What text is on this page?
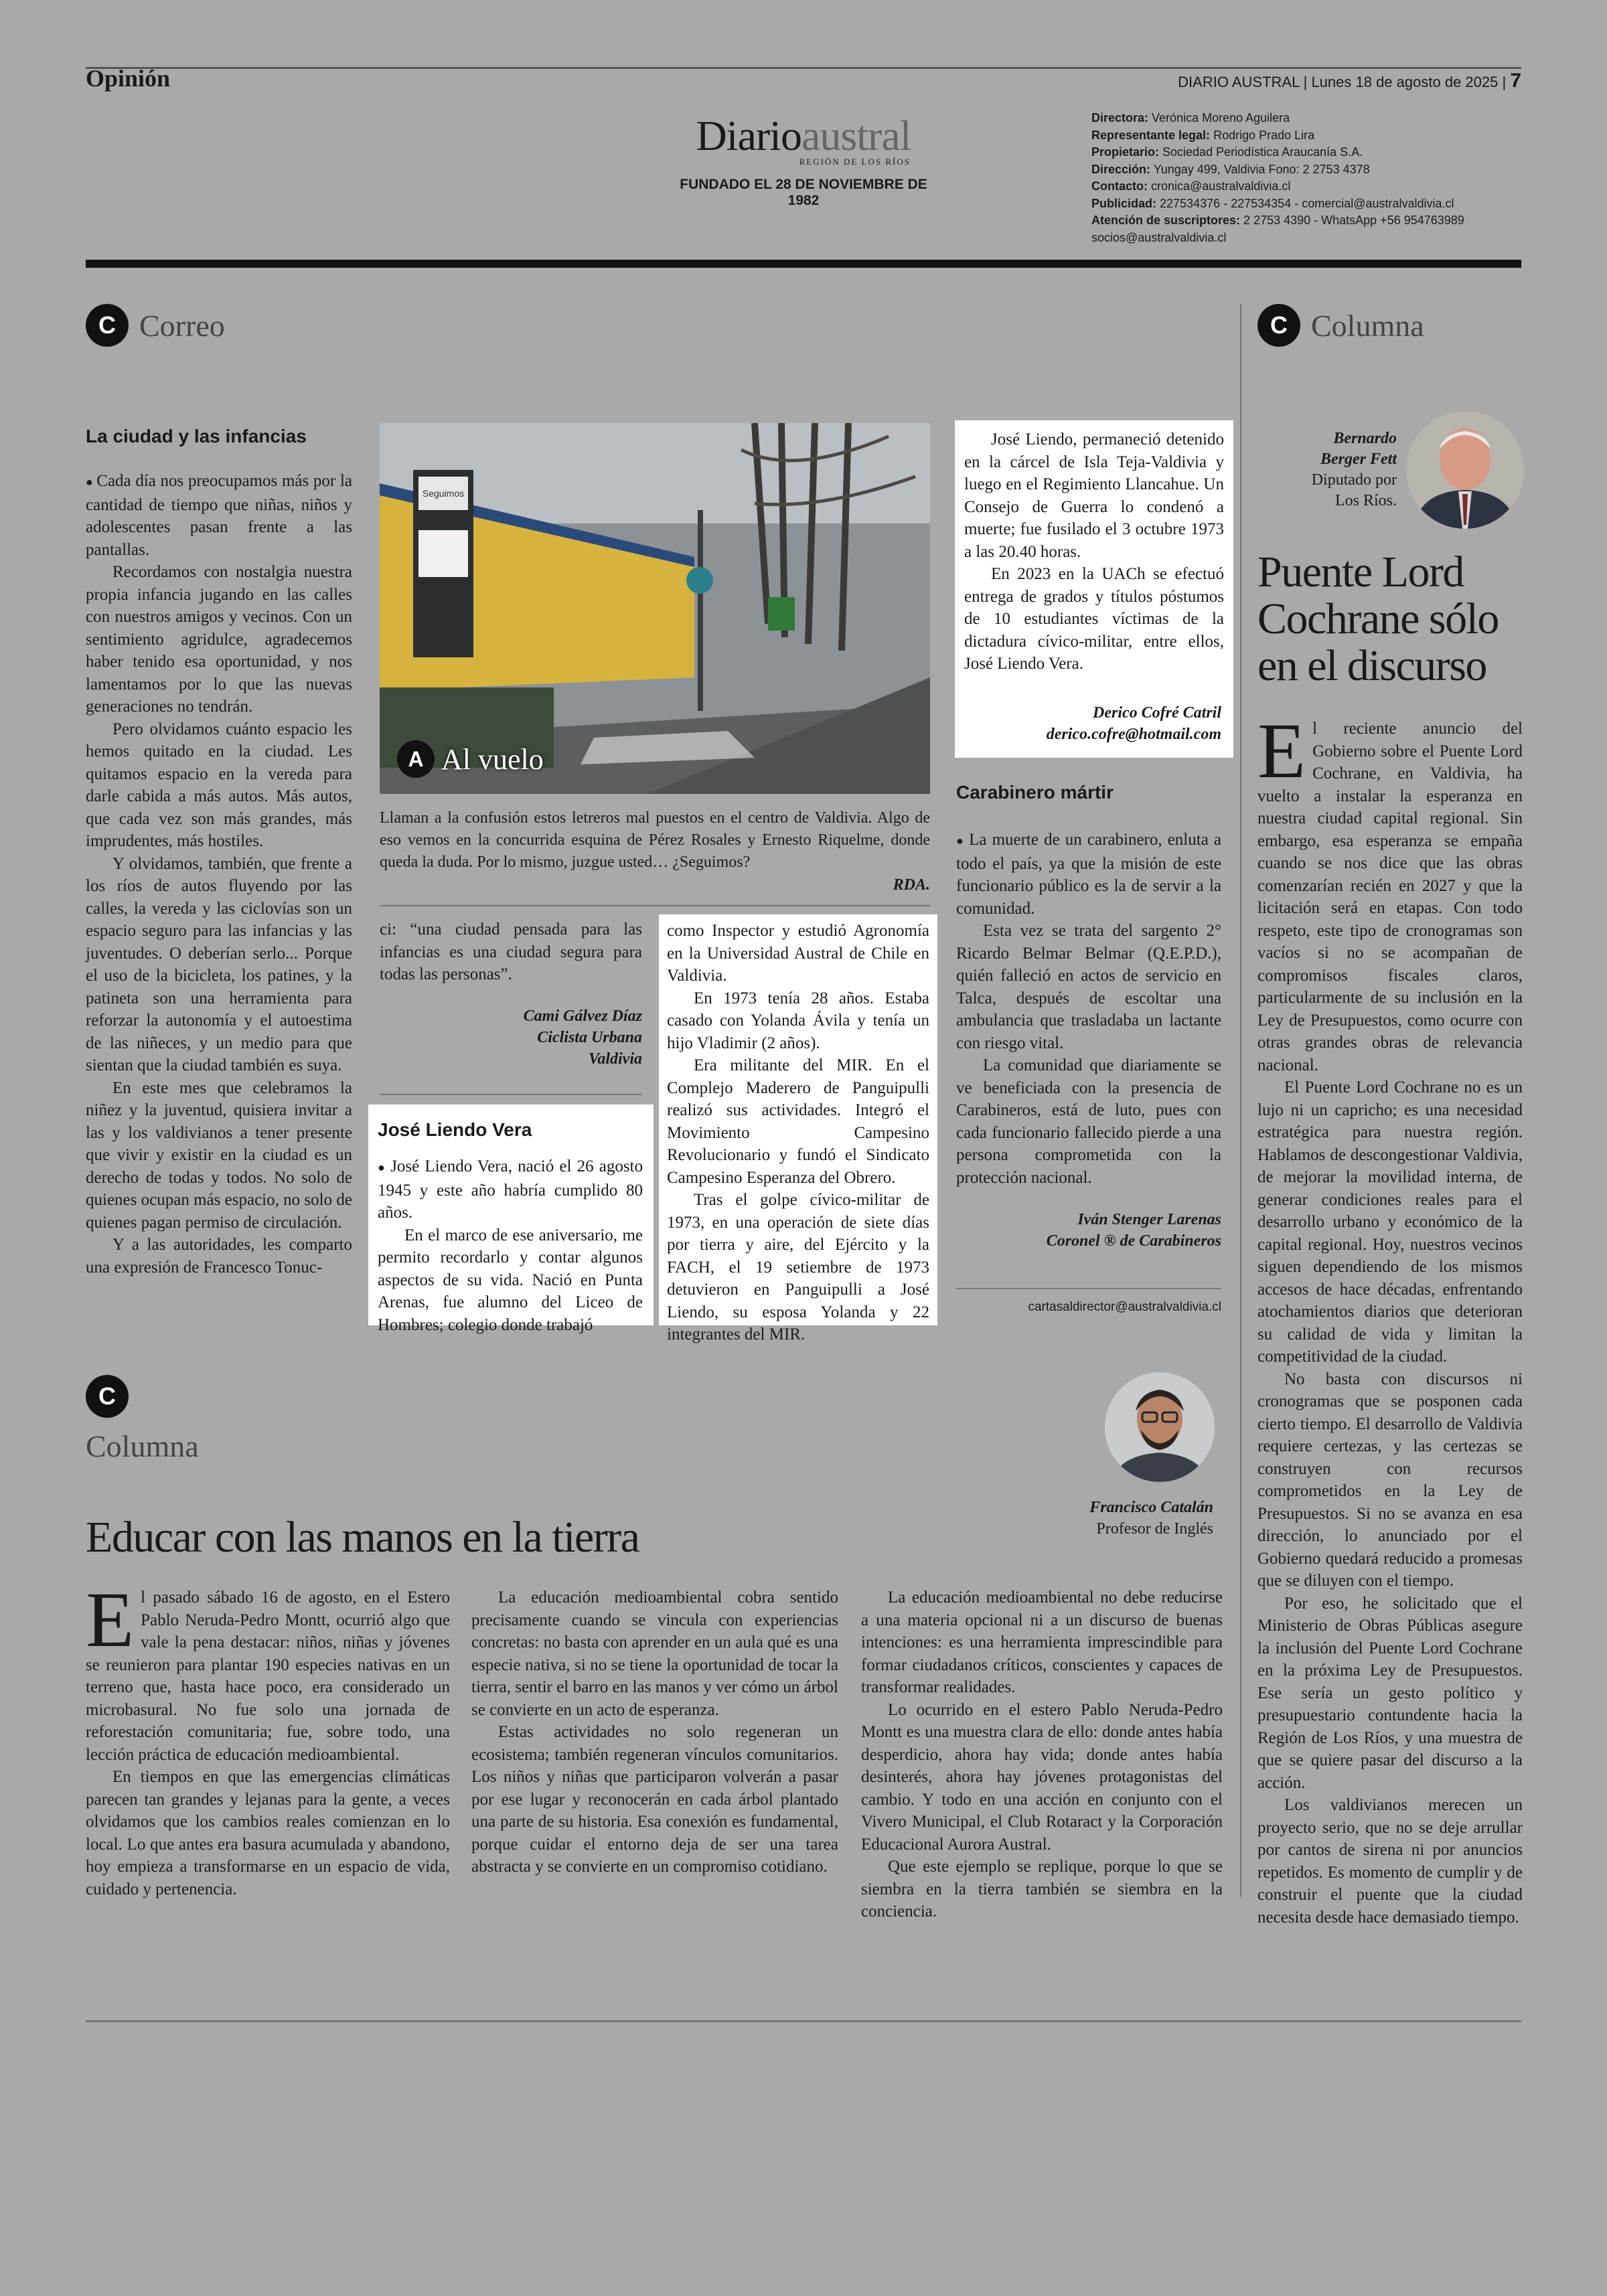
Opinión	DIARIO AUSTRAL | Lunes 18 de agosto de 2025 | 7
Diarioaustral
REGIÓN DE LOS RÍOS
FUNDADO EL 28 DE NOVIEMBRE DE 1982
Directora: Verónica Moreno Aguilera
Representante legal: Rodrigo Prado Lira
Propietario: Sociedad Periodística Araucanía S.A.
Dirección: Yungay 499, Valdivia Fono: 2 2753 4378
Contacto: cronica@australvaldivia.cl
Publicidad: 227534376 - 227534354 - comercial@australvaldivia.cl
Atención de suscriptores: 2 2753 4390 - WhatsApp +56 954763989
socios@australvaldivia.cl
C Correo
La ciudad y las infancias

● Cada día nos preocupamos más por la cantidad de tiempo que niñas, niños y adolescentes pasan frente a las pantallas.

Recordamos con nostalgia nuestra propia infancia jugando en las calles con nuestros amigos y vecinos. Con un sentimiento agridulce, agradecemos haber tenido esa oportunidad, y nos lamentamos por lo que las nuevas generaciones no tendrán.

Pero olvidamos cuánto espacio les hemos quitado en la ciudad. Les quitamos espacio en la vereda para darle cabida a más autos. Más autos, que cada vez son más grandes, más imprudentes, más hostiles.

Y olvidamos, también, que frente a los ríos de autos fluyendo por las calles, la vereda y las ciclovías son un espacio seguro para las infancias y las juventudes. O deberían serlo... Porque el uso de la bicicleta, los patines, y la patineta son una herramienta para reforzar la autonomía y el autoestima de las niñeces, y un medio para que sientan que la ciudad también es suya.

En este mes que celebramos la niñez y la juventud, quisiera invitar a las y los valdivianos a tener presente que vivir y existir en la ciudad es un derecho de todas y todos. No solo de quienes ocupan más espacio, no solo de quienes pagan permiso de circulación.

Y a las autoridades, les comparto una expresión de Francesco Tonuc-

Seguimos
A Al vuelo
Llaman a la confusión estos letreros mal puestos en el centro de Valdivia. Algo de eso vemos en la concurrida esquina de Pérez Rosales y Ernesto Riquelme, donde queda la duda. Por lo mismo, juzgue usted… ¿Seguimos?
RDA.

ci: “una ciudad pensada para las infancias es una ciudad segura para todas las personas”.

Cami Gálvez Díaz
Ciclista Urbana
Valdivia
José Liendo Vera

● José Liendo Vera, nació el 26 agosto 1945 y este año habría cumplido 80 años.

En el marco de ese aniversario, me permito recordarlo y contar algunos aspectos de su vida. Nació en Punta Arenas, fue alumno del Liceo de Hombres; colegio donde trabajó

como Inspector y estudió Agronomía en la Universidad Austral de Chile en Valdivia.

En 1973 tenía 28 años. Estaba casado con Yolanda Ávila y tenía un hijo Vladimir (2 años).

Era militante del MIR. En el Complejo Maderero de Panguipulli realizó sus actividades. Integró el Movimiento Campesino Revolucionario y fundó el Sindicato Campesino Esperanza del Obrero.

Tras el golpe cívico-militar de 1973, en una operación de siete días por tierra y aire, del Ejército y la FACH, el 19 setiembre de 1973 detuvieron en Panguipulli a José Liendo, su esposa Yolanda y 22 integrantes del MIR.

José Liendo, permaneció detenido en la cárcel de Isla Teja-Valdivia y luego en el Regimiento Llancahue. Un Consejo de Guerra lo condenó a muerte; fue fusilado el 3 octubre 1973 a las 20.40 horas.

En 2023 en la UACh se efectuó entrega de grados y títulos póstumos de 10 estudiantes víctimas de la dictadura cívico-militar, entre ellos, José Liendo Vera.

Derico Cofré Catril
derico.cofre@hotmail.com
Carabinero mártir

● La muerte de un carabinero, enluta a todo el país, ya que la misión de este funcionario público es la de servir a la comunidad.

Esta vez se trata del sargento 2° Ricardo Belmar Belmar (Q.E.P.D.), quién falleció en actos de servicio en Talca, después de escoltar una ambulancia que trasladaba un lactante con riesgo vital.

La comunidad que diariamente se ve beneficiada con la presencia de Carabineros, está de luto, pues con cada funcionario fallecido pierde a una persona comprometida con la protección nacional.

Iván Stenger Larenas
Coronel ® de Carabineros
cartasaldirector@australvaldivia.cl
C Columna
Bernardo
Berger Fett
Diputado por
Los Ríos.
Puente Lord
Cochrane sólo
en el discurso
E l reciente anuncio del Gobierno sobre el Puente Lord Cochrane, en Valdivia, ha vuelto a instalar la esperanza en nuestra ciudad capital regional. Sin embargo, esa esperanza se empaña cuando se nos dice que las obras comenzarían recién en 2027 y que la licitación será en etapas. Con todo respeto, este tipo de cronogramas son vacíos si no se acompañan de compromisos fiscales claros, particularmente de su inclusión en la Ley de Presupuestos, como ocurre con otras grandes obras de relevancia nacional.

El Puente Lord Cochrane no es un lujo ni un capricho; es una necesidad estratégica para nuestra región. Hablamos de descongestionar Valdivia, de mejorar la movilidad interna, de generar condiciones reales para el desarrollo urbano y económico de la capital regional. Hoy, nuestros vecinos siguen dependiendo de los mismos accesos de hace décadas, enfrentando atochamientos diarios que deterioran su calidad de vida y limitan la competitividad de la ciudad.

No basta con discursos ni cronogramas que se posponen cada cierto tiempo. El desarrollo de Valdivia requiere certezas, y las certezas se construyen con recursos comprometidos en la Ley de Presupuestos. Si no se avanza en esa dirección, lo anunciado por el Gobierno quedará reducido a promesas que se diluyen con el tiempo.

Por eso, he solicitado que el Ministerio de Obras Públicas asegure la inclusión del Puente Lord Cochrane en la próxima Ley de Presupuestos. Ese sería un gesto político y presupuestario contundente hacia la Región de Los Ríos, y una muestra de que se quiere pasar del discurso a la acción.

Los valdivianos merecen un proyecto serio, que no se deje arrullar por cantos de sirena ni por anuncios repetidos. Es momento de cumplir y de construir el puente que la ciudad necesita desde hace demasiado tiempo.

C
Columna
Francisco Catalán
Profesor de Inglés
Educar con las manos en la tierra
E l pasado sábado 16 de agosto, en el Estero Pablo Neruda-Pedro Montt, ocurrió algo que vale la pena destacar: niños, niñas y jóvenes se reunieron para plantar 190 especies nativas en un terreno que, hasta hace poco, era considerado un microbasural. No fue solo una jornada de reforestación comunitaria; fue, sobre todo, una lección práctica de educación medioambiental.

En tiempos en que las emergencias climáticas parecen tan grandes y lejanas para la gente, a veces olvidamos que los cambios reales comienzan en lo local. Lo que antes era basura acumulada y abandono, hoy empieza a transformarse en un espacio de vida, cuidado y pertenencia.

La educación medioambiental cobra sentido precisamente cuando se vincula con experiencias concretas: no basta con aprender en un aula qué es una especie nativa, si no se tiene la oportunidad de tocar la tierra, sentir el barro en las manos y ver cómo un árbol se convierte en un acto de esperanza.

Estas actividades no solo regeneran un ecosistema; también regeneran vínculos comunitarios. Los niños y niñas que participaron volverán a pasar por ese lugar y reconocerán en cada árbol plantado una parte de su historia. Esa conexión es fundamental, porque cuidar el entorno deja de ser una tarea abstracta y se convierte en un compromiso cotidiano.

La educación medioambiental no debe reducirse a una materia opcional ni a un discurso de buenas intenciones: es una herramienta imprescindible para formar ciudadanos críticos, conscientes y capaces de transformar realidades.

Lo ocurrido en el estero Pablo Neruda-Pedro Montt es una muestra clara de ello: donde antes había desperdicio, ahora hay vida; donde antes había desinterés, ahora hay jóvenes protagonistas del cambio. Y todo en una acción en conjunto con el Vivero Municipal, el Club Rotaract y la Corporación Educacional Aurora Austral.

Que este ejemplo se replique, porque lo que se siembra en la tierra también se siembra en la conciencia.
